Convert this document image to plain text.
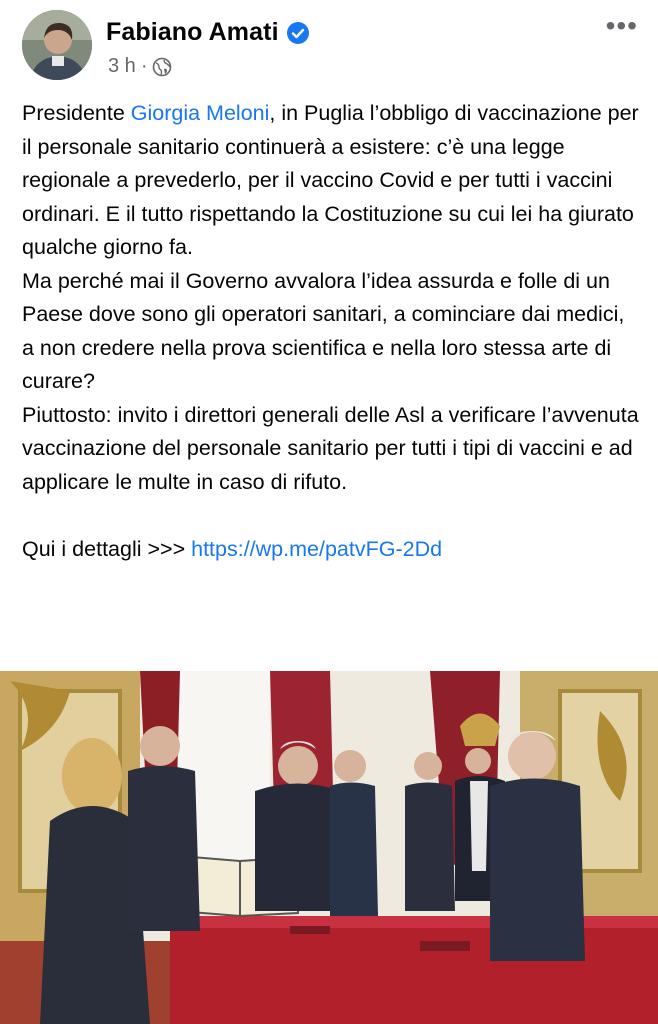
Fabiano Amati
3 h ·
•••

Presidente Giorgia Meloni, in Puglia l’obbligo di vaccinazione per il personale sanitario continuerà a esistere: c’è una legge regionale a prevederlo, per il vaccino Covid e per tutti i vaccini ordinari. E il tutto rispettando la Costituzione su cui lei ha giurato qualche giorno fa.

Ma perché mai il Governo avvalora l’idea assurda e folle di un Paese dove sono gli operatori sanitari, a cominciare dai medici, a non credere nella prova scientifica e nella loro stessa arte di curare?

Piuttosto: invito i direttori generali delle Asl a verificare l’avvenuta vaccinazione del personale sanitario per tutti i tipi di vaccini e ad applicare le multe in caso di rifuto.

Qui i dettagli >>> https://wp.me/patvFG-2Dd
